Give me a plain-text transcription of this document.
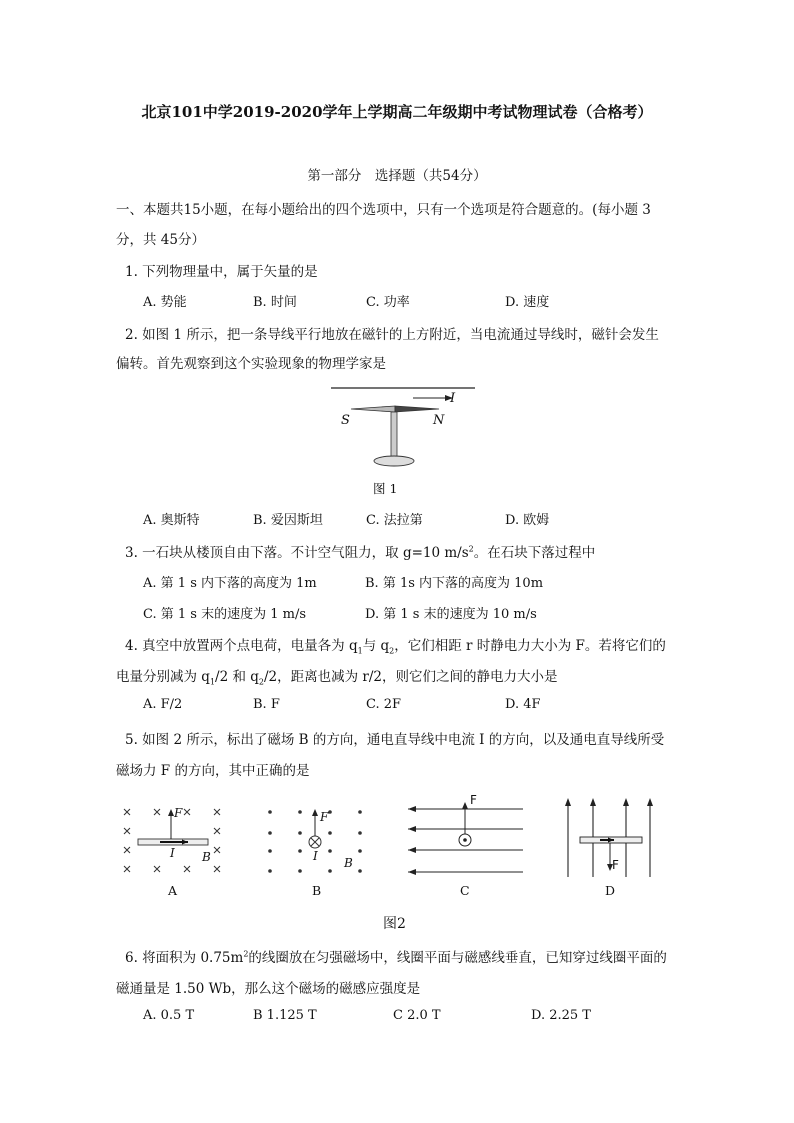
北京101中学2019-2020学年上学期高二年级期中考试物理试卷（合格考）
第一部分　选择题（共54分）
一、本题共15小题，在每小题给出的四个选项中，只有一个选项是符合题意的。(每小题 3
分，共 45分）
1. 下列物理量中，属于矢量的是
A. 势能	B. 时间	C. 功率	D. 速度
2. 如图 1 所示，把一条导线平行地放在磁针的上方附近，当电流通过导线时，磁针会发生
偏转。首先观察到这个实验现象的物理学家是
I
S	N
图 1
A. 奥斯特	B. 爱因斯坦	C. 法拉第	D. 欧姆
3. 一石块从楼顶自由下落。不计空气阻力，取 g=10 $m/s^2$。在石块下落过程中
A. 第 1 s 内下落的高度为 1m	B. 第 1s 内下落的高度为 10m
C. 第 1 s 末的速度为 1 m/s	D. 第 1 s 末的速度为 10 m/s
4. 真空中放置两个点电荷，电量各为 $q_1$与 $q_2$，它们相距 r 时静电力大小为 F。若将它们的
电量分别减为 $q_1/2$ 和 $q_2/2$，距离也减为 r/2，则它们之间的静电力大小是
A. F/2	B. F	C. 2F	D. 4F
5. 如图 2 所示，标出了磁场 B 的方向，通电直导线中电流 I 的方向，以及通电直导线所受
磁场力 F 的方向，其中正确的是
F
I B
A
F
I B
B
F
C
F
D
图2
6. 将面积为 $0.75m^2$的线圈放在匀强磁场中，线圈平面与磁感线垂直，已知穿过线圈平面的
磁通量是 1.50 Wb，那么这个磁场的磁感应强度是
A. 0.5 T	B 1.125 T	C 2.0 T	D. 2.25 T
